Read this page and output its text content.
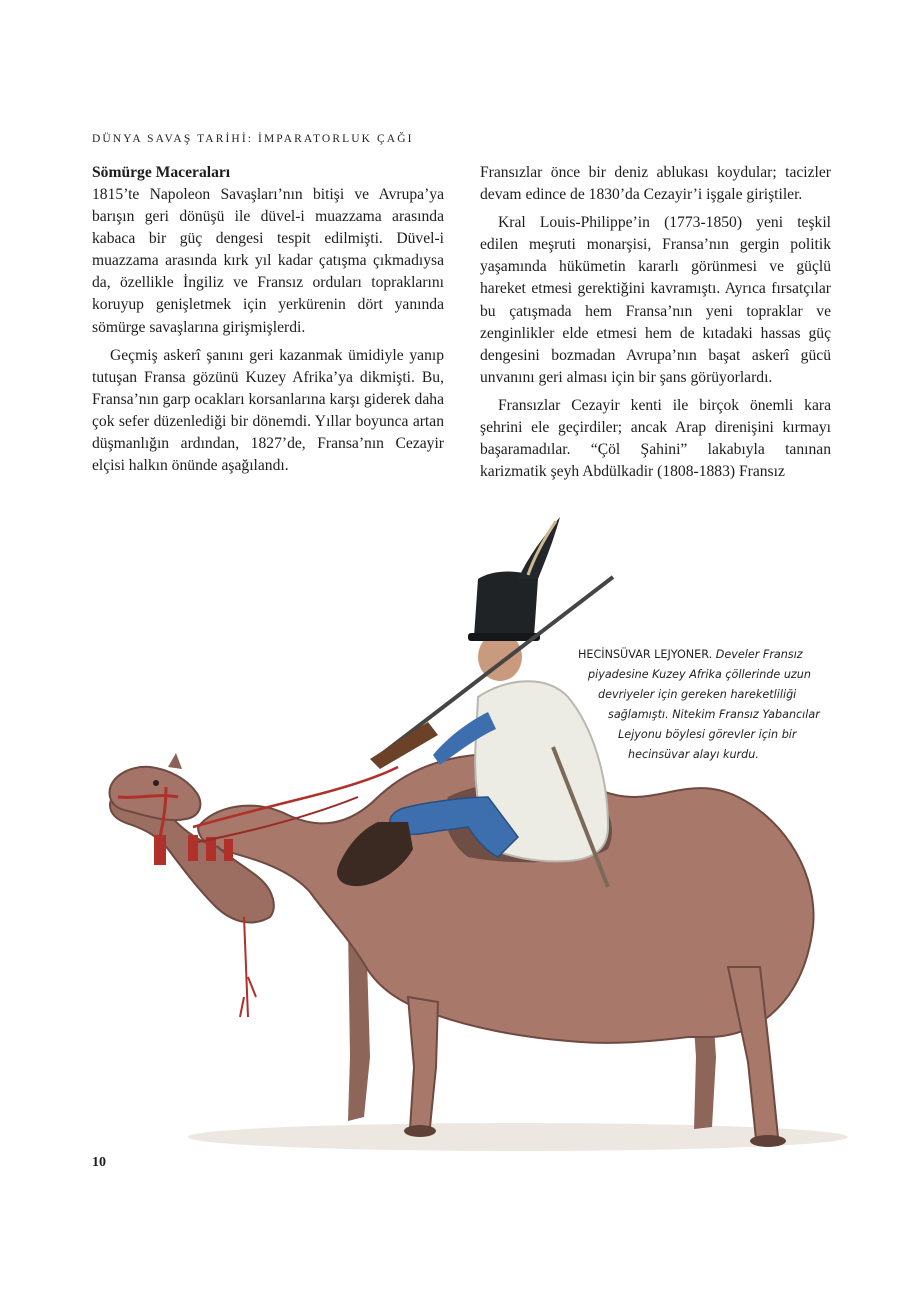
DÜNYA SAVAŞ TARİHİ: İMPARATORLUK ÇAĞI
Sömürge Maceraları

1815’te Napoleon Savaşları’nın bitişi ve Avrupa’ya barışın geri dönüşü ile düvel-i muazzama arasında kabaca bir güç dengesi tespit edilmişti. Düvel-i muazzama arasında kırk yıl kadar çatışma çıkmadıysa da, özellikle İngiliz ve Fransız orduları topraklarını koruyup genişletmek için yerkürenin dört yanında sömürge savaşlarına girişmişlerdi.

Geçmiş askerî şanını geri kazanmak ümidiyle yanıp tutuşan Fransa gözünü Kuzey Afrika’ya dikmişti. Bu, Fransa’nın garp ocakları korsanlarına karşı giderek daha çok sefer düzenlediği bir dönemdi. Yıllar boyunca artan düşmanlığın ardından, 1827’de, Fransa’nın Cezayir elçisi halkın önünde aşağılandı.

Fransızlar önce bir deniz ablukası koydular; tacizler devam edince de 1830’da Cezayir’i işgale giriştiler.

Kral Louis-Philippe’in (1773-1850) yeni teşkil edilen meşruti monarşisi, Fransa’nın gergin politik yaşamında hükümetin kararlı görünmesi ve güçlü hareket etmesi gerektiğini kavramıştı. Ayrıca fırsatçılar bu çatışmada hem Fransa’nın yeni topraklar ve zenginlikler elde etmesi hem de kıtadaki hassas güç dengesini bozmadan Avrupa’nın başat askerî gücü unvanını geri alması için bir şans görüyorlardı.

Fransızlar Cezayir kenti ile birçok önemli kara şehrini ele geçirdiler; ancak Arap direnişini kırmayı başaramadılar. “Çöl Şahini” lakabıyla tanınan karizmatik şeyh Abdülkadir (1808-1883) Fransız

HECİNSÜVAR LEJYONER. Develer Fransız
piyadesine Kuzey Afrika çöllerinde uzun
devriyeler için gereken hareketliliği
sağlamıştı. Nitekim Fransız Yabancılar
Lejyonu böylesi görevler için bir
hecinsüvar alayı kurdu.
10
